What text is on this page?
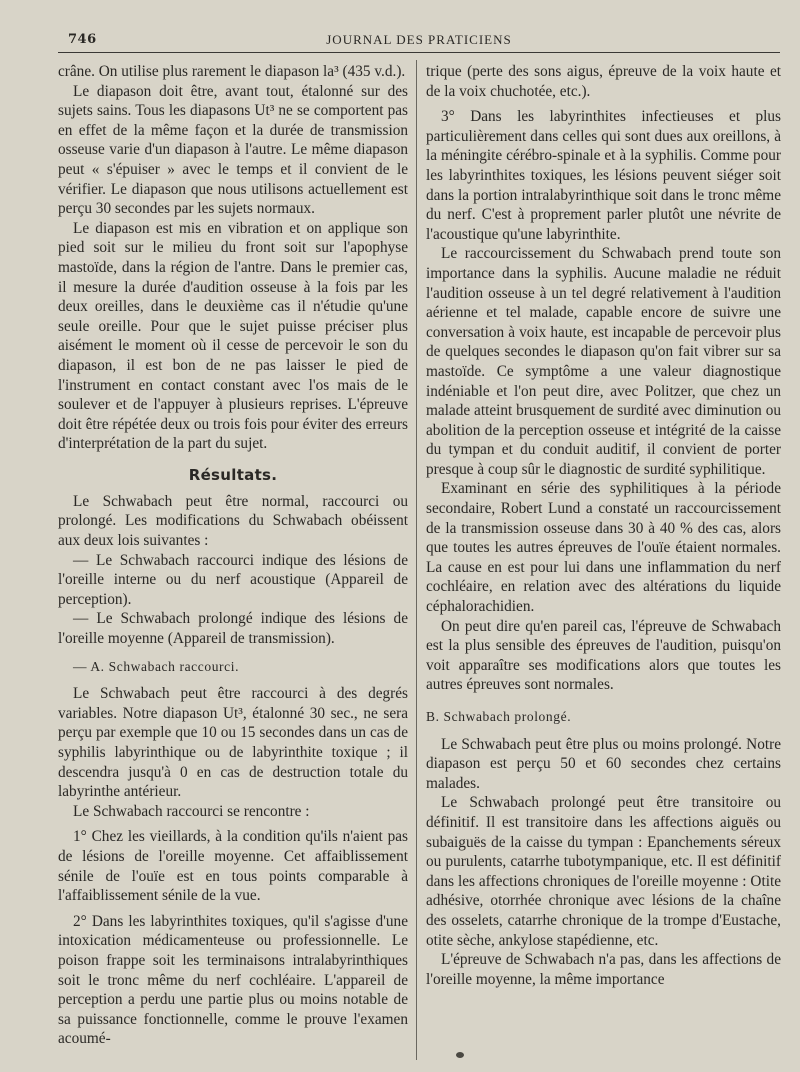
746	JOURNAL DES PRATICIENS

crâne. On utilise plus rarement le diapason la³ (435 v.d.).

Le diapason doit être, avant tout, étalonné sur des sujets sains. Tous les diapasons Ut³ ne se comportent pas en effet de la même façon et la durée de transmission osseuse varie d'un diapason à l'autre. Le même diapason peut « s'épuiser » avec le temps et il convient de le vérifier. Le diapason que nous utilisons actuellement est perçu 30 secondes par les sujets normaux.

Le diapason est mis en vibration et on applique son pied soit sur le milieu du front soit sur l'apophyse mastoïde, dans la région de l'antre. Dans le premier cas, il mesure la durée d'audition osseuse à la fois par les deux oreilles, dans le deuxième cas il n'étudie qu'une seule oreille. Pour que le sujet puisse préciser plus aisément le moment où il cesse de percevoir le son du diapason, il est bon de ne pas laisser le pied de l'instrument en contact constant avec l'os mais de le soulever et de l'appuyer à plusieurs reprises. L'épreuve doit être répétée deux ou trois fois pour éviter des erreurs d'interprétation de la part du sujet.

Résultats.

Le Schwabach peut être normal, raccourci ou prolongé. Les modifications du Schwabach obéissent aux deux lois suivantes :

— Le Schwabach raccourci indique des lésions de l'oreille interne ou du nerf acoustique (Appareil de perception).

— Le Schwabach prolongé indique des lésions de l'oreille moyenne (Appareil de transmission).

— A. Schwabach raccourci.

Le Schwabach peut être raccourci à des degrés variables. Notre diapason Ut³, étalonné 30 sec., ne sera perçu par exemple que 10 ou 15 secondes dans un cas de syphilis labyrinthique ou de labyrinthite toxique ; il descendra jusqu'à 0 en cas de destruction totale du labyrinthe antérieur.

Le Schwabach raccourci se rencontre :

1° Chez les vieillards, à la condition qu'ils n'aient pas de lésions de l'oreille moyenne. Cet affaiblissement sénile de l'ouïe est en tous points comparable à l'affaiblissement sénile de la vue.

2° Dans les labyrinthites toxiques, qu'il s'agisse d'une intoxication médicamenteuse ou professionnelle. Le poison frappe soit les terminaisons intralabyrinthiques soit le tronc même du nerf cochléaire. L'appareil de perception a perdu une partie plus ou moins notable de sa puissance fonctionnelle, comme le prouve l'examen acoumé-

trique (perte des sons aigus, épreuve de la voix haute et de la voix chuchotée, etc.).

3° Dans les labyrinthites infectieuses et plus particulièrement dans celles qui sont dues aux oreillons, à la méningite cérébro-spinale et à la syphilis. Comme pour les labyrinthites toxiques, les lésions peuvent siéger soit dans la portion intralabyrinthique soit dans le tronc même du nerf. C'est à proprement parler plutôt une névrite de l'acoustique qu'une labyrinthite.

Le raccourcissement du Schwabach prend toute son importance dans la syphilis. Aucune maladie ne réduit l'audition osseuse à un tel degré relativement à l'audition aérienne et tel malade, capable encore de suivre une conversation à voix haute, est incapable de percevoir plus de quelques secondes le diapason qu'on fait vibrer sur sa mastoïde. Ce symptôme a une valeur diagnostique indéniable et l'on peut dire, avec Politzer, que chez un malade atteint brusquement de surdité avec diminution ou abolition de la perception osseuse et intégrité de la caisse du tympan et du conduit auditif, il convient de porter presque à coup sûr le diagnostic de surdité syphilitique.

Examinant en série des syphilitiques à la période secondaire, Robert Lund a constaté un raccourcissement de la transmission osseuse dans 30 à 40 % des cas, alors que toutes les autres épreuves de l'ouïe étaient normales. La cause en est pour lui dans une inflammation du nerf cochléaire, en relation avec des altérations du liquide céphalorachidien.

On peut dire qu'en pareil cas, l'épreuve de Schwabach est la plus sensible des épreuves de l'audition, puisqu'on voit apparaître ses modifications alors que toutes les autres épreuves sont normales.

B. Schwabach prolongé.

Le Schwabach peut être plus ou moins prolongé. Notre diapason est perçu 50 et 60 secondes chez certains malades.

Le Schwabach prolongé peut être transitoire ou définitif. Il est transitoire dans les affections aiguës ou subaiguës de la caisse du tympan : Epanchements séreux ou purulents, catarrhe tubotympanique, etc. Il est définitif dans les affections chroniques de l'oreille moyenne : Otite adhésive, otorrhée chronique avec lésions de la chaîne des osselets, catarrhe chronique de la trompe d'Eustache, otite sèche, ankylose stapédienne, etc.

L'épreuve de Schwabach n'a pas, dans les affections de l'oreille moyenne, la même importance
